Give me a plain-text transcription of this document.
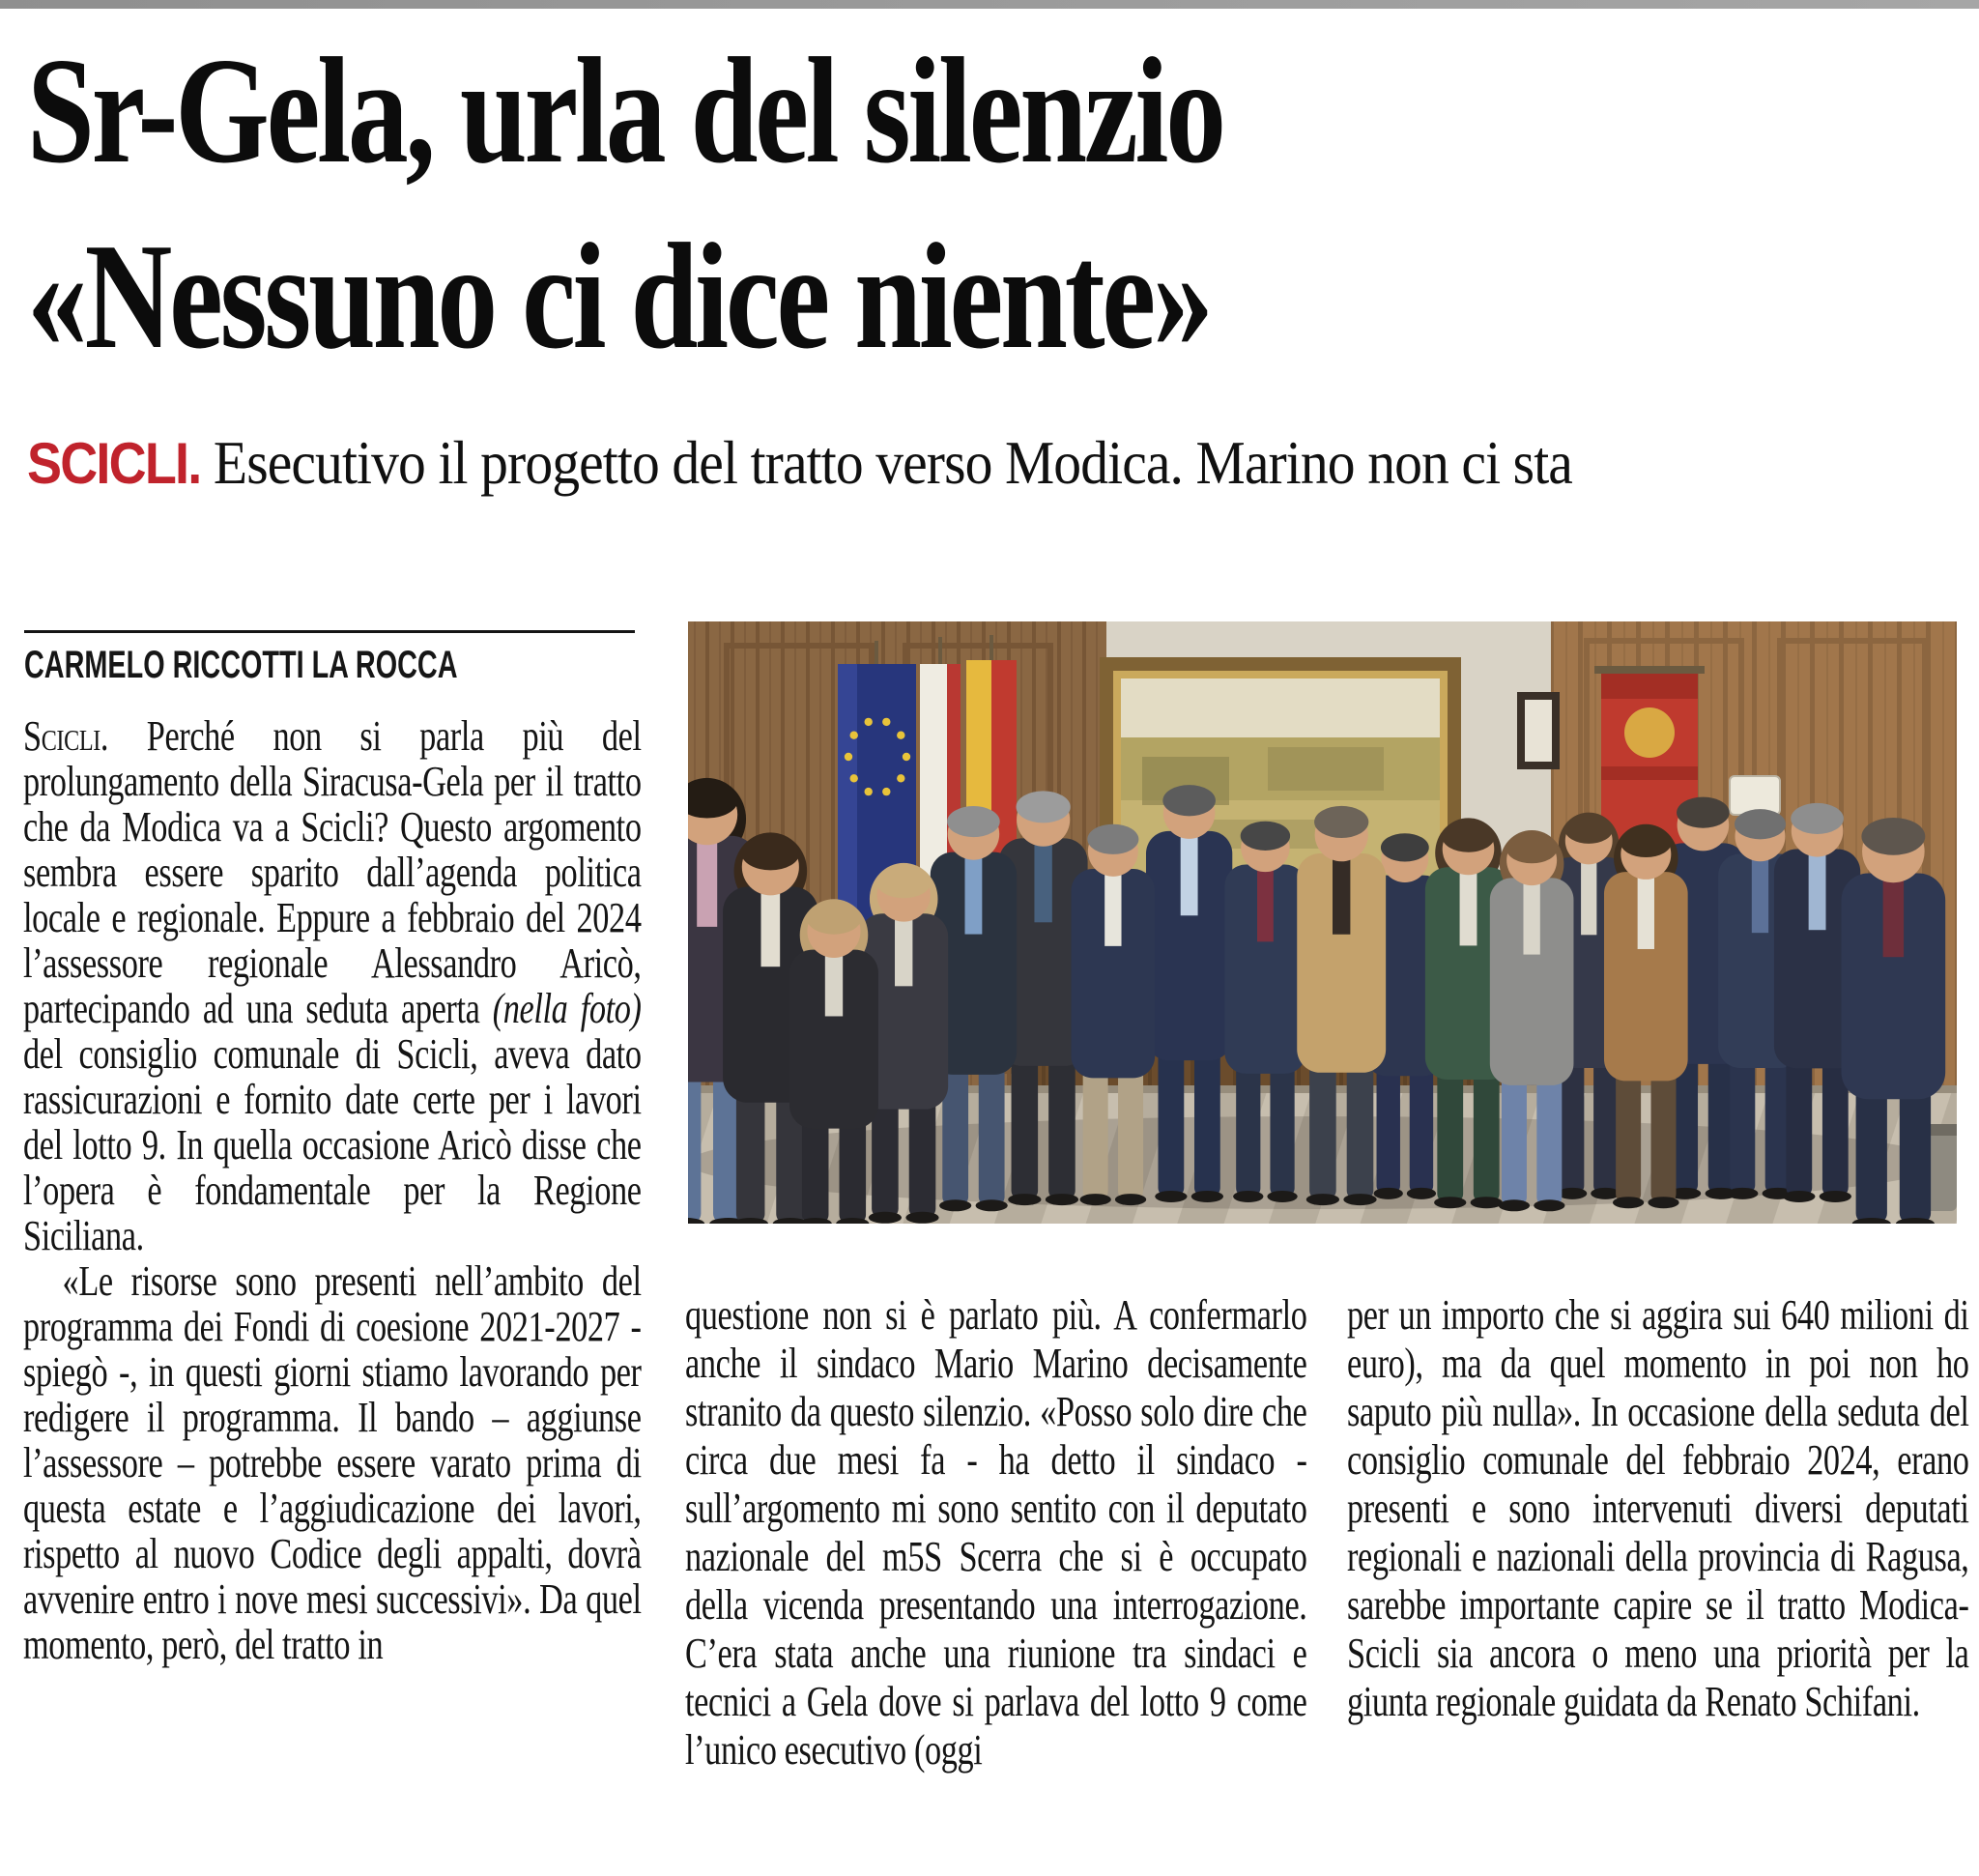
Sr-Gela, urla del silenzio
«Nessuno ci dice niente»
SCICLI. Esecutivo il progetto del tratto verso Modica. Marino non ci sta
CARMELO RICCOTTI LA ROCCA

Scicli. Perché non si parla più del prolungamento della Siracusa-Gela per il tratto che da Modica va a Scicli? Questo argomento sembra essere sparito dall’agenda politica locale e regionale. Eppure a febbraio del 2024 l’assessore regionale Alessandro Aricò, partecipando ad una seduta aperta (nella foto) del consiglio comunale di Scicli, aveva dato rassicurazioni e fornito date certe per i lavori del lotto 9. In quella occasione Aricò disse che l’opera è fondamentale per la Regione Siciliana.

«Le risorse sono presenti nell’ambito del programma dei Fondi di coesione 2021-2027 - spiegò -, in questi giorni stiamo lavorando per redigere il programma. Il bando – aggiunse l’assessore – potrebbe essere varato prima di questa estate e l’aggiudicazione dei lavori, rispetto al nuovo Codice degli appalti, dovrà avvenire entro i nove mesi successivi». Da quel momento, però, del tratto in

questione non si è parlato più. A confermarlo anche il sindaco Mario Marino decisamente stranito da questo silenzio. «Posso solo dire che circa due mesi fa - ha detto il sindaco - sull’argomento mi sono sentito con il deputato nazionale del m5S Scerra che si è occupato della vicenda presentando una interrogazione. C’era stata anche una riunione tra sindaci e tecnici a Gela dove si parlava del lotto 9 come l’unico esecutivo (oggi

per un importo che si aggira sui 640 milioni di euro), ma da quel momento in poi non ho saputo più nulla». In occasione della seduta del consiglio comunale del febbraio 2024, erano presenti e sono intervenuti diversi deputati regionali e nazionali della provincia di Ragusa, sarebbe importante capire se il tratto Modica-Scicli sia ancora o meno una priorità per la giunta regionale guidata da Renato Schifani.
